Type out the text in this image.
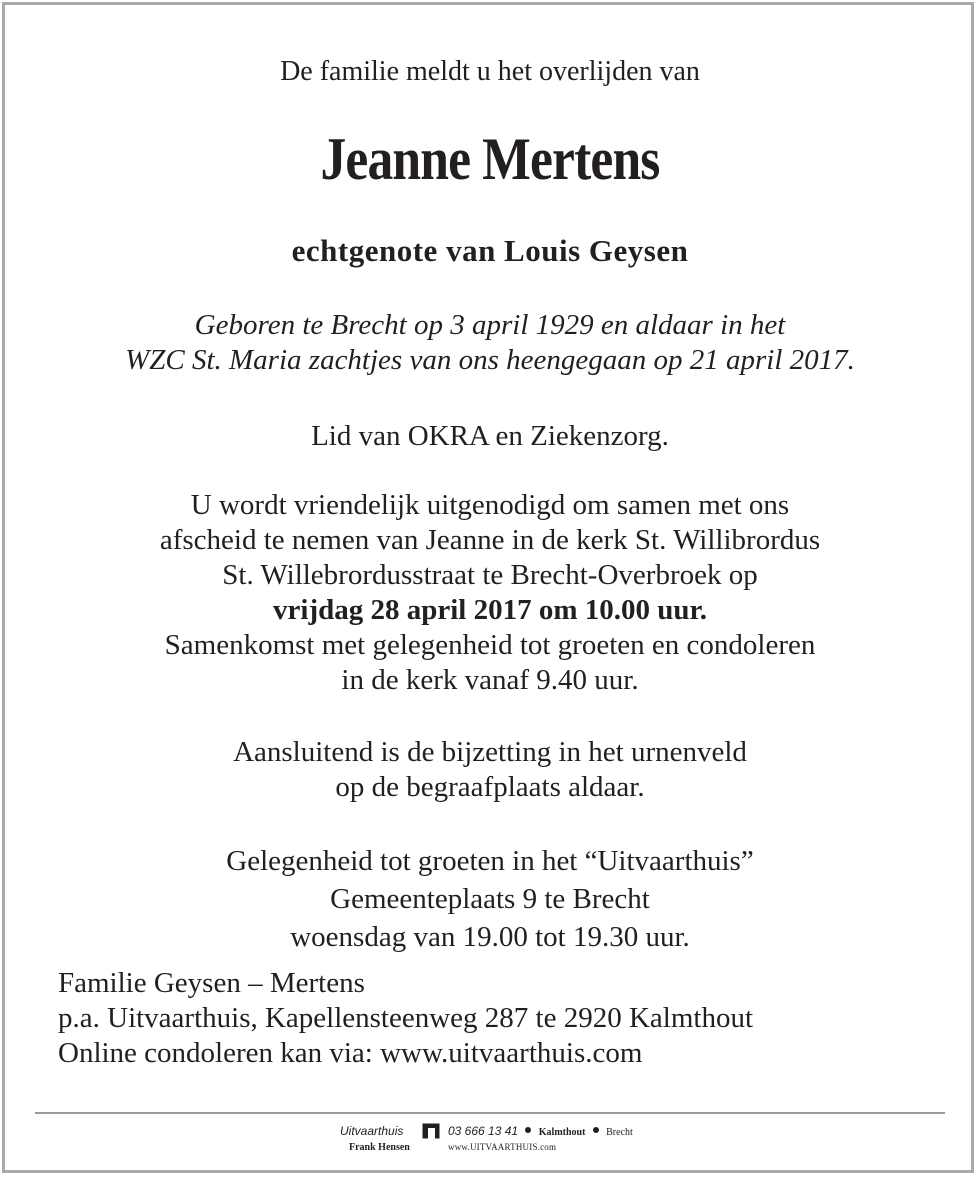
De familie meldt u het overlijden van
Jeanne Mertens
echtgenote van Louis Geysen
Geboren te Brecht op 3 april 1929 en aldaar in het
WZC St. Maria zachtjes van ons heengegaan op 21 april 2017.
Lid van OKRA en Ziekenzorg.
U wordt vriendelijk uitgenodigd om samen met ons
afscheid te nemen van Jeanne in de kerk St. Willibrordus
St. Willebrordusstraat te Brecht-Overbroek op
vrijdag 28 april 2017 om 10.00 uur.
Samenkomst met gelegenheid tot groeten en condoleren
in de kerk vanaf 9.40 uur.
Aansluitend is de bijzetting in het urnenveld
op de begraafplaats aldaar.
Gelegenheid tot groeten in het “Uitvaarthuis”
Gemeenteplaats 9 te Brecht
woensdag van 19.00 tot 19.30 uur.
Familie Geysen – Mertens
p.a. Uitvaarthuis, Kapellensteenweg 287 te 2920 Kalmthout
Online condoleren kan via: www.uitvaarthuis.com
Uitvaarthuis
Frank Hensen
03 666 13 41 Kalmthout Brecht
www.UITVAARTHUIS.com
